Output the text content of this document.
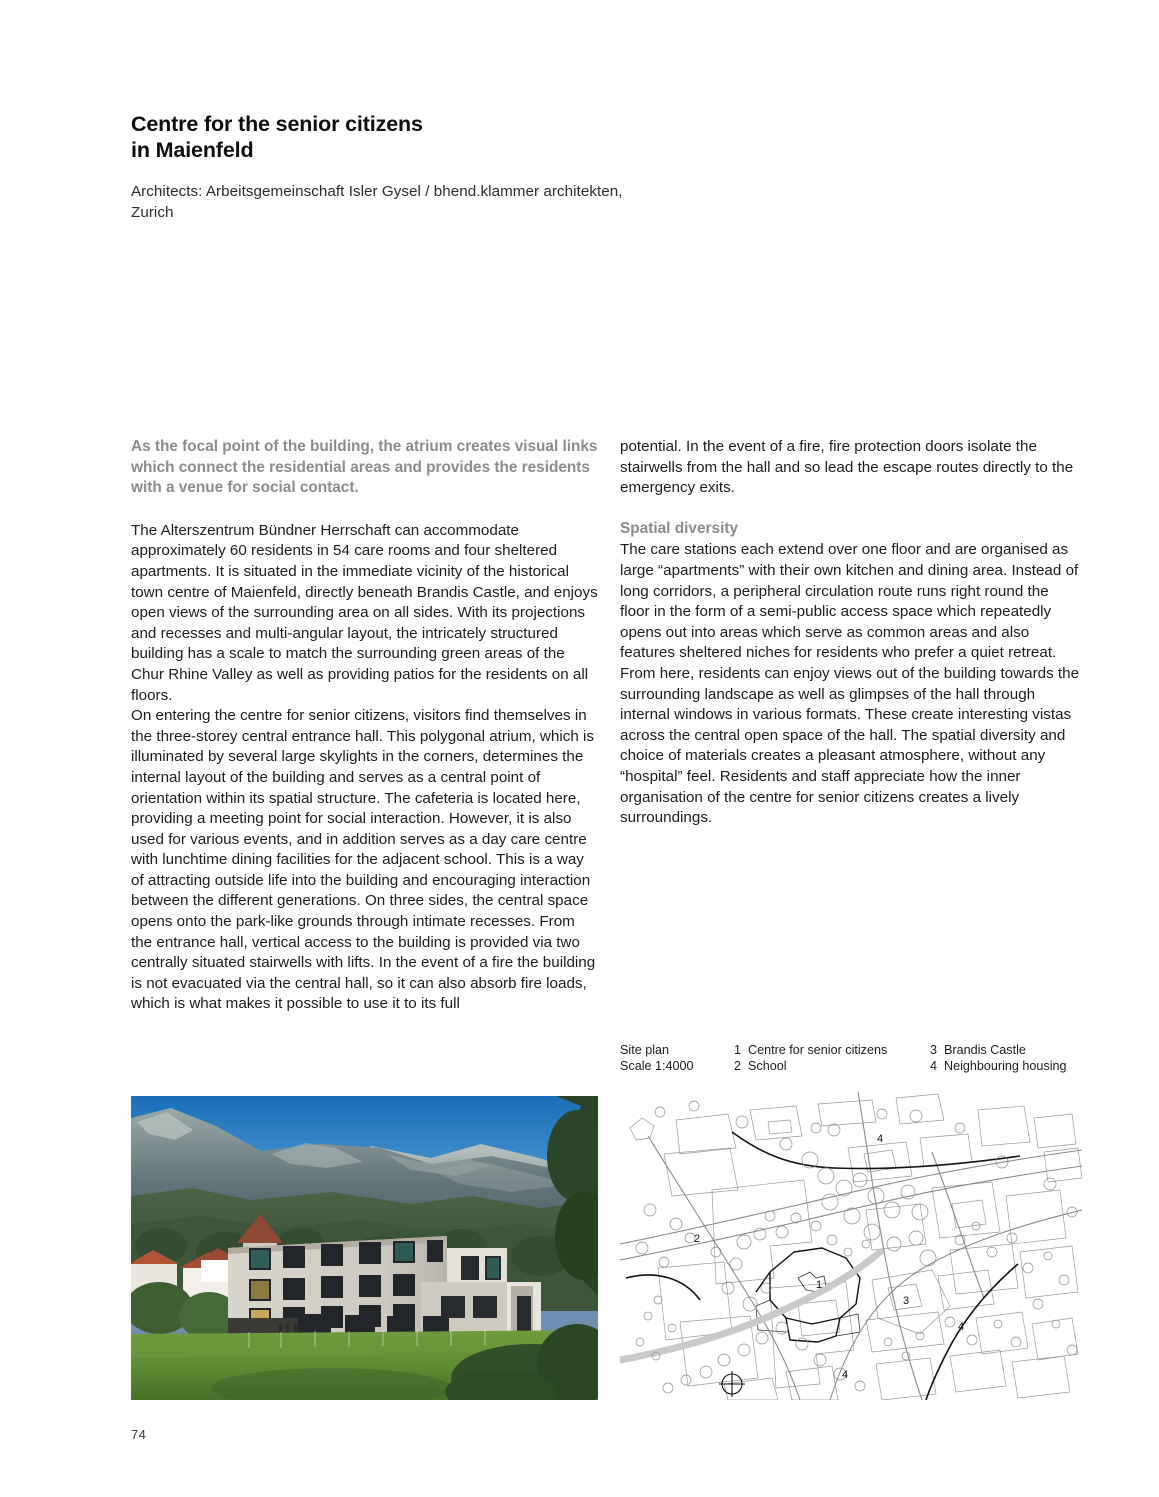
Centre for the senior citizens
in Maienfeld

Architects: Arbeitsgemeinschaft Isler Gysel / bhend.klammer architekten, Zurich

As the focal point of the building, the atrium creates visual links which connect the residential areas and provides the residents with a venue for social contact.

The Alterszentrum Bündner Herrschaft can accommodate approximately 60 residents in 54 care rooms and four sheltered apartments. It is situated in the immediate vicinity of the historical town centre of Maienfeld, directly beneath Brandis Castle, and enjoys open views of the surrounding area on all sides. With its projections and recesses and multi-angular layout, the intricately structured building has a scale to match the surrounding green areas of the Chur Rhine Valley as well as providing patios for the residents on all floors.

On entering the centre for senior citizens, visitors find themselves in the three-storey central entrance hall. This polygonal atrium, which is illuminated by several large skylights in the corners, determines the internal layout of the building and serves as a central point of orientation within its spatial structure. The cafeteria is located here, providing a meeting point for social interaction. However, it is also used for various events, and in addition serves as a day care centre with lunchtime dining facilities for the adjacent school. This is a way of attracting outside life into the building and encouraging interaction between the different generations. On three sides, the central space opens onto the park-like grounds through intimate recesses. From the entrance hall, vertical access to the building is provided via two centrally situated stairwells with lifts. In the event of a fire the building is not evacuated via the central hall, so it can also absorb fire loads, which is what makes it possible to use it to its full

potential. In the event of a fire, fire protection doors isolate the stairwells from the hall and so lead the escape routes directly to the emergency exits.

Spatial diversity

The care stations each extend over one floor and are organised as large “apartments” with their own kitchen and dining area. Instead of long corridors, a peripheral circulation route runs right round the floor in the form of a semi-public access space which repeatedly opens out into areas which serve as common areas and also features sheltered niches for residents who prefer a quiet retreat. From here, residents can enjoy views out of the building towards the surrounding landscape as well as glimpses of the hall through internal windows in various formats. These create interesting vistas across the central open space of the hall. The spatial diversity and choice of materials creates a pleasant atmosphere, without any “hospital” feel. Residents and staff appreciate how the inner organisation of the centre for senior citizens creates a lively surroundings.

Site plan
Scale 1:4000
1 Centre for senior citizens
2 School
3 Brandis Castle
4 Neighbouring housing
1
2
3
4
4
4
74
